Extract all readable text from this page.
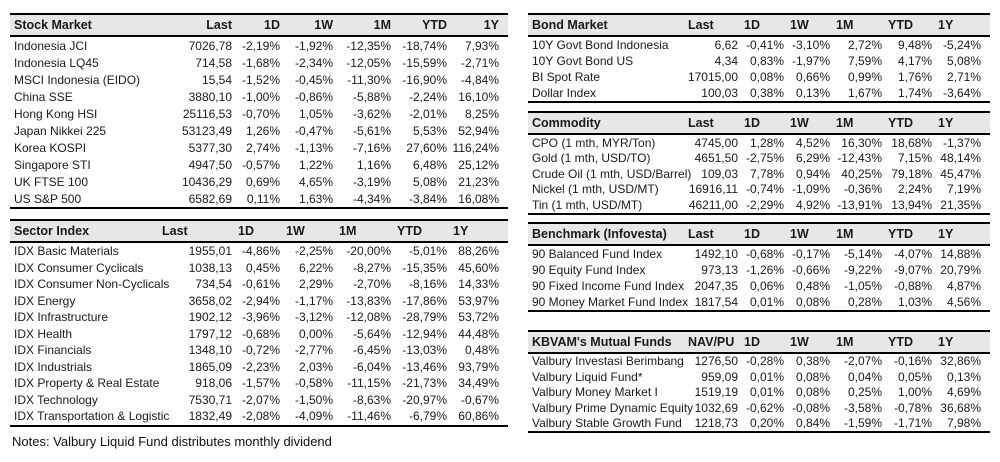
Stock Market	Last	1D	1W	1M	YTD	1Y
Indonesia JCI	7026,78	-2,19%	-1,92%	-12,35%	-18,74%	7,93%
Indonesia LQ45	714,58	-1,68%	-2,34%	-12,05%	-15,59%	-2,71%
MSCI Indonesia (EIDO)	15,54	-1,52%	-0,45%	-11,30%	-16,90%	-4,84%
China SSE	3880,10	-1,00%	-0,86%	-5,88%	-2,24%	16,10%
Hong Kong HSI	25116,53	-0,70%	1,05%	-3,62%	-2,01%	8,25%
Japan Nikkei 225	53123,49	1,26%	-0,47%	-5,61%	5,53%	52,94%
Korea KOSPI	5377,30	2,74%	-1,13%	-7,16%	27,60%	116,24%
Singapore STI	4947,50	-0,57%	1,22%	1,16%	6,48%	25,12%
UK FTSE 100	10436,29	0,69%	4,65%	-3,19%	5,08%	21,23%
US S&P 500	6582,69	0,11%	1,63%	-4,34%	-3,84%	16,08%
Sector Index	Last	1D	1W	1M	YTD	1Y
IDX Basic Materials	1955,01	-4,86%	-2,25%	-20,00%	-5,01%	88,26%
IDX Consumer Cyclicals	1038,13	0,45%	6,22%	-8,27%	-15,35%	45,60%
IDX Consumer Non-Cyclicals	734,54	-0,61%	2,29%	-2,70%	-8,16%	14,33%
IDX Energy	3658,02	-2,94%	-1,17%	-13,83%	-17,86%	53,97%
IDX Infrastructure	1902,12	-3,96%	-3,12%	-12,08%	-28,79%	53,72%
IDX Health	1797,12	-0,68%	0,00%	-5,64%	-12,94%	44,48%
IDX Financials	1348,10	-0,72%	-2,77%	-6,45%	-13,03%	0,48%
IDX Industrials	1865,09	-2,23%	2,03%	-6,04%	-13,46%	93,79%
IDX Property & Real Estate	918,06	-1,57%	-0,58%	-11,15%	-21,73%	34,49%
IDX Technology	7530,71	-2,07%	-1,50%	-8,63%	-20,97%	-0,67%
IDX Transportation & Logistic	1832,49	-2,08%	-4,09%	-11,46%	-6,79%	60,86%
Notes: Valbury Liquid Fund distributes monthly dividend
Bond Market	Last	1D	1W	1M	YTD	1Y
10Y Govt Bond Indonesia	6,62	-0,41%	-3,10%	2,72%	9,48%	-5,24%
10Y Govt Bond US	4,34	0,83%	-1,97%	7,59%	4,17%	5,08%
BI Spot Rate	17015,00	0,08%	0,66%	0,99%	1,76%	2,71%
Dollar Index	100,03	0,38%	0,13%	1,67%	1,74%	-3,64%
Commodity	Last	1D	1W	1M	YTD	1Y
CPO (1 mth, MYR/Ton)	4745,00	1,28%	4,52%	16,30%	18,68%	-1,37%
Gold (1 mth, USD/TO)	4651,50	-2,75%	6,29%	-12,43%	7,15%	48,14%
Crude Oil (1 mth, USD/Barrel)	109,03	7,78%	0,94%	40,25%	79,18%	45,47%
Nickel (1 mth, USD/MT)	16916,11	-0,74%	-1,09%	-0,36%	2,24%	7,19%
Tin (1 mth, USD/MT)	46211,00	-2,29%	4,92%	-13,91%	13,94%	21,35%
Benchmark (Infovesta)	Last	1D	1W	1M	YTD	1Y
90 Balanced Fund Index	1492,10	-0,68%	-0,17%	-5,14%	-4,07%	14,88%
90 Equity Fund Index	973,13	-1,26%	-0,66%	-9,22%	-9,07%	20,79%
90 Fixed Income Fund Index	2047,35	0,06%	0,48%	-1,05%	-0,88%	4,87%
90 Money Market Fund Index	1817,54	0,01%	0,08%	0,28%	1,03%	4,56%
KBVAM's Mutual Funds	NAV/PU	1D	1W	1M	YTD	1Y
Valbury Investasi Berimbang	1276,50	-0,28%	0,38%	-2,07%	-0,16%	32,86%
Valbury Liquid Fund*	959,09	0,01%	0,08%	0,04%	0,05%	0,13%
Valbury Money Market I	1519,19	0,01%	0,08%	0,25%	1,00%	4,69%
Valbury Prime Dynamic Equity	1032,69	-0,62%	-0,08%	-3,58%	-0,78%	36,68%
Valbury Stable Growth Fund	1218,73	0,20%	0,84%	-1,59%	-1,71%	7,98%
